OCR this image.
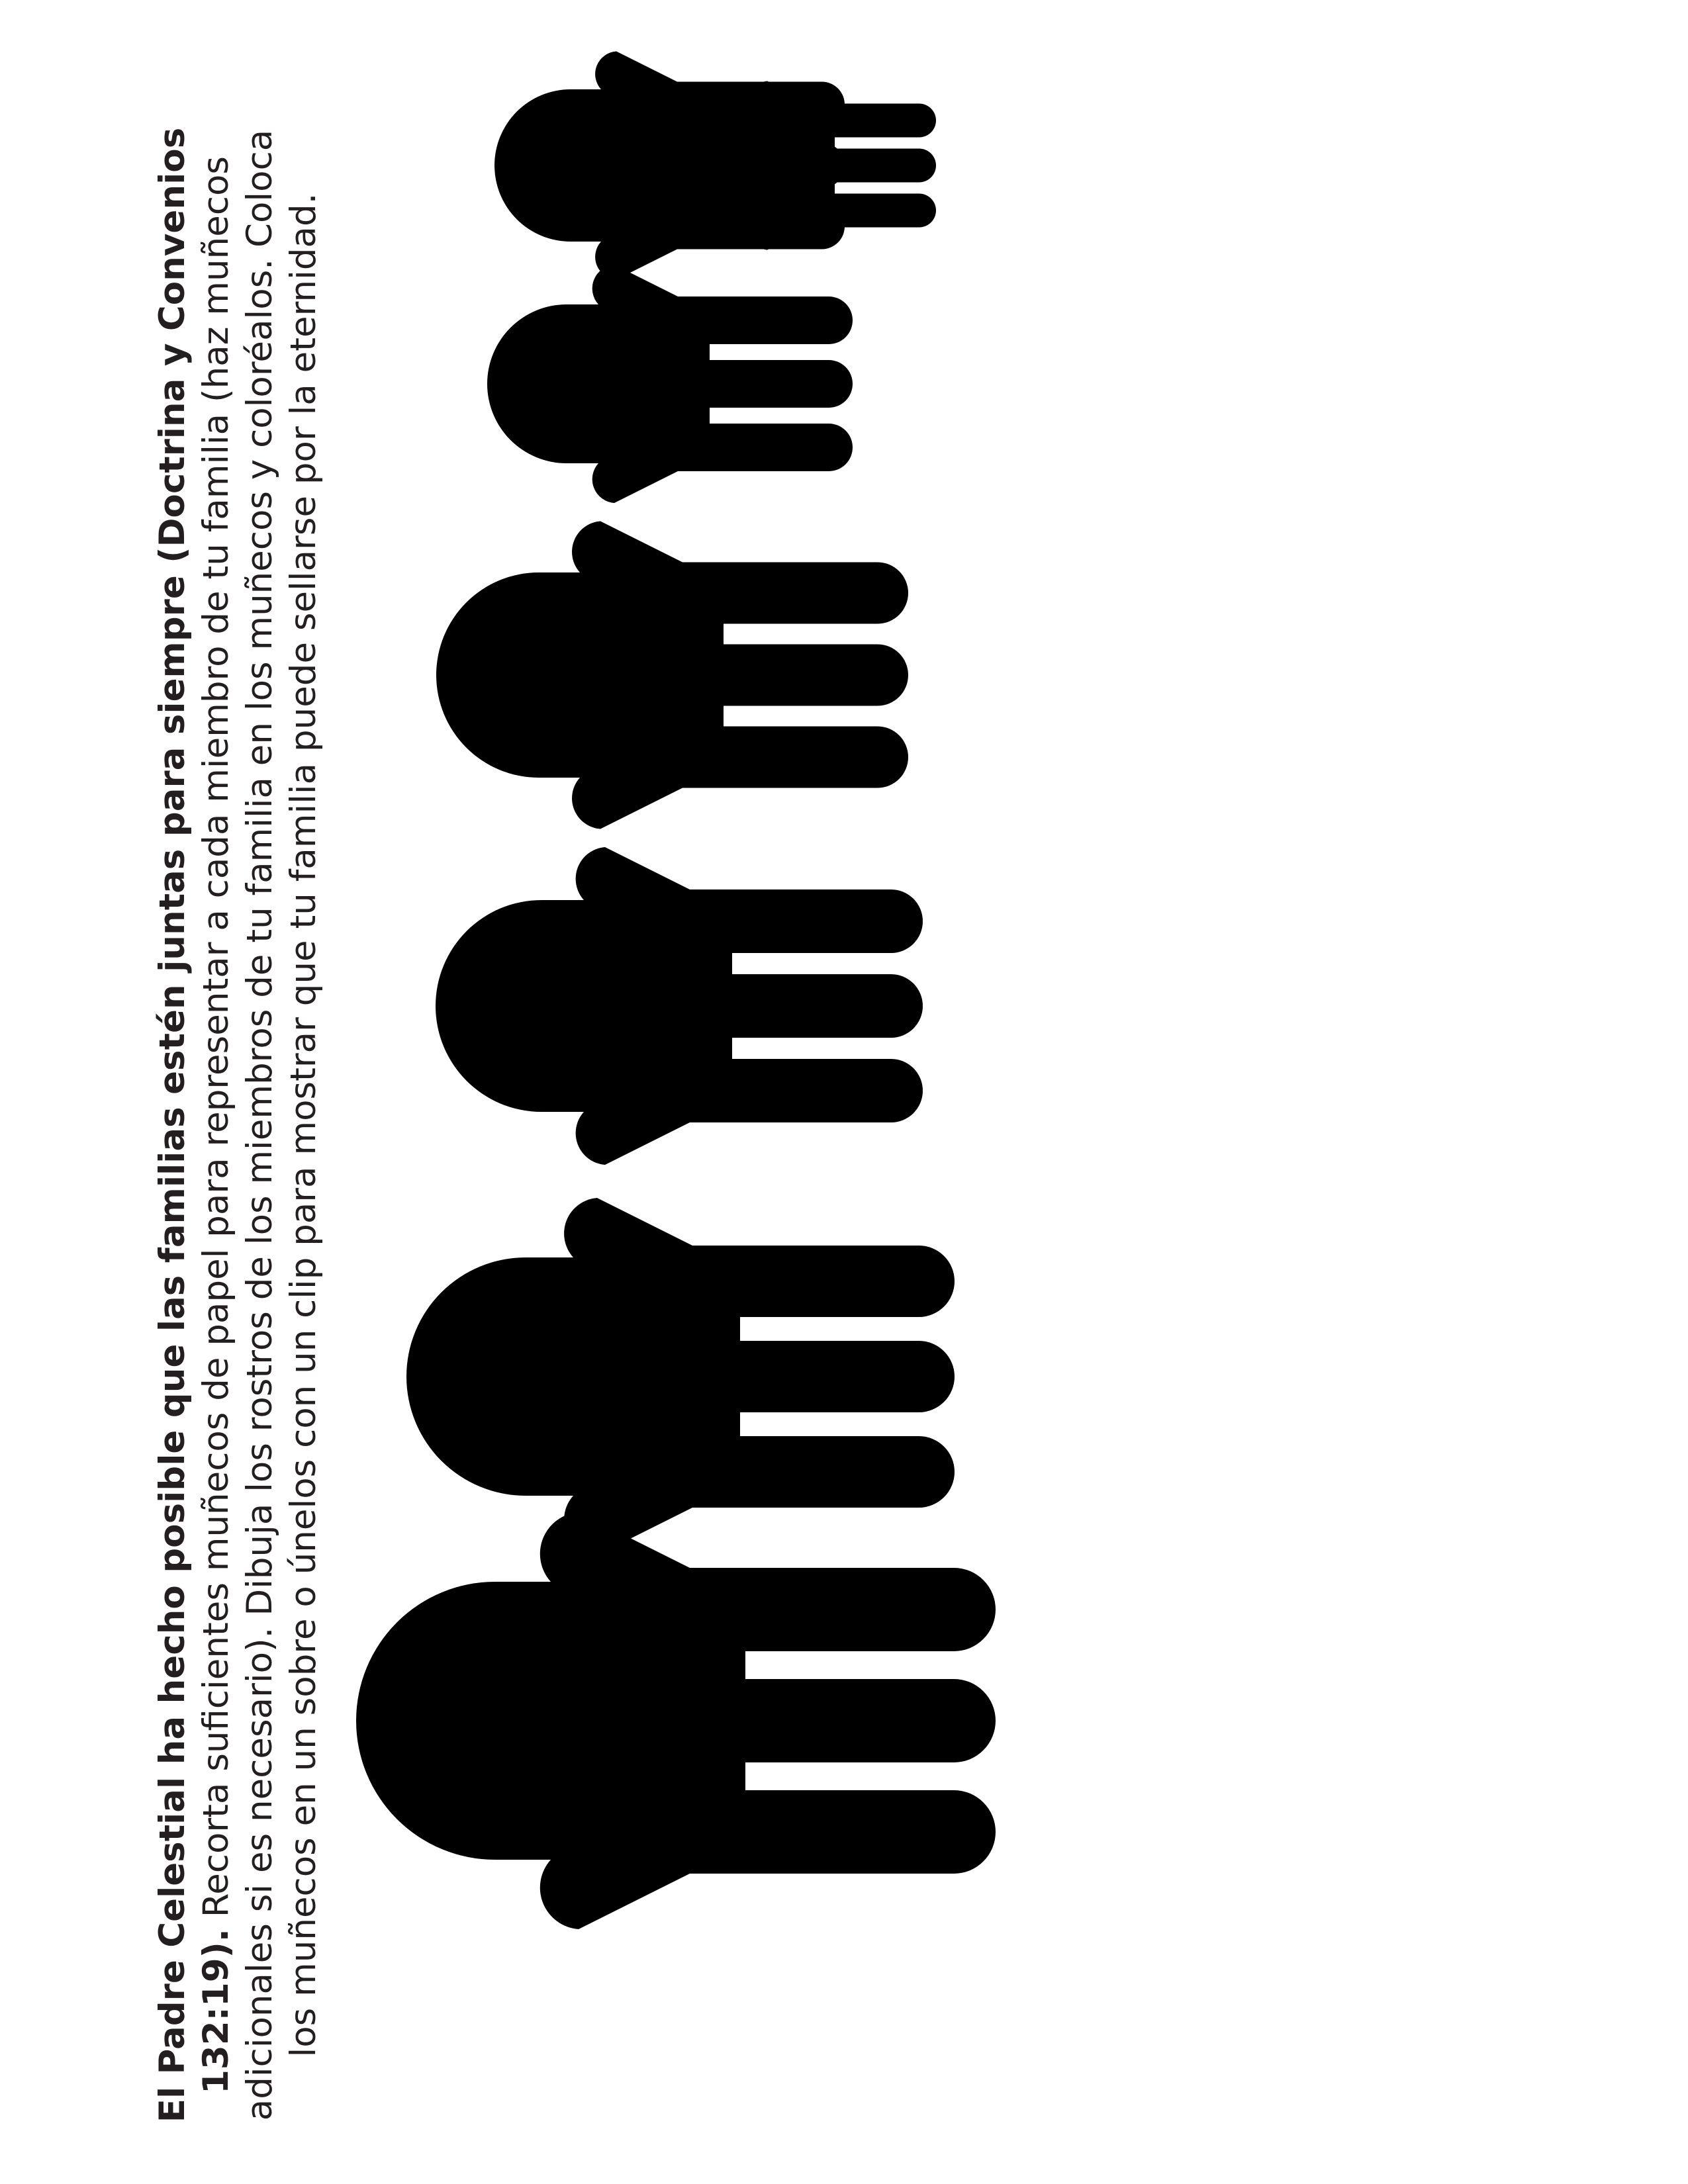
El Padre Celestial ha hecho posible que las familias estén juntas para siempre (Doctrina y Convenios 132:19). Recorta suficientes muñecos de papel para representar a cada miembro de tu familia (haz muñecos adicionales si es necesario). Dibuja los rostros de los miembros de tu familia en los muñecos y coloréalos. Coloca los muñecos en un sobre o únelos con un clip para mostrar que tu familia puede sellarse por la eternidad.
